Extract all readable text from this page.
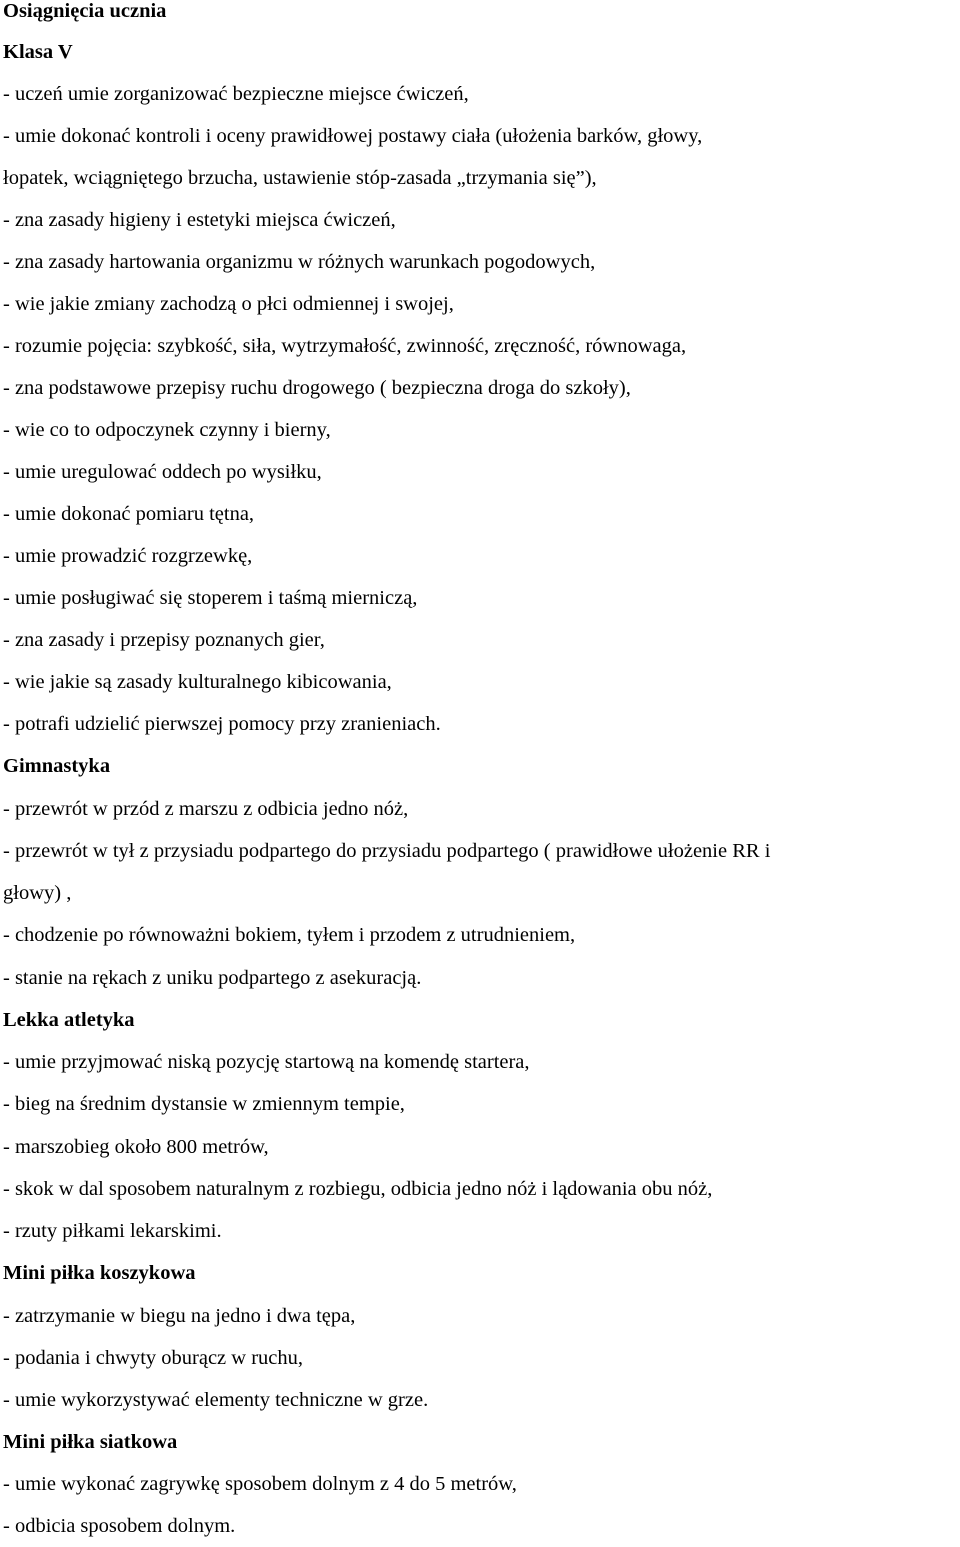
Osiągnięcia ucznia

Klasa V

- uczeń umie zorganizować bezpieczne miejsce ćwiczeń,

- umie dokonać kontroli i oceny prawidłowej postawy ciała (ułożenia barków, głowy,

łopatek, wciągniętego brzucha, ustawienie stóp-zasada „trzymania się”),

- zna zasady higieny i estetyki miejsca ćwiczeń,

- zna zasady hartowania organizmu w różnych warunkach pogodowych,

- wie jakie zmiany zachodzą o płci odmiennej i swojej,

- rozumie pojęcia: szybkość, siła, wytrzymałość, zwinność, zręczność, równowaga,

- zna podstawowe przepisy ruchu drogowego ( bezpieczna droga do szkoły),

- wie co to odpoczynek czynny i bierny,

- umie uregulować oddech po wysiłku,

- umie dokonać pomiaru tętna,

- umie prowadzić rozgrzewkę,

- umie posługiwać się stoperem i taśmą mierniczą,

- zna zasady i przepisy poznanych gier,

- wie jakie są zasady kulturalnego kibicowania,

- potrafi udzielić pierwszej pomocy przy zranieniach.

Gimnastyka

- przewrót w przód z marszu z odbicia jedno nóż,

- przewrót w tył z przysiadu podpartego do przysiadu podpartego ( prawidłowe ułożenie RR i

głowy) ,

- chodzenie po równoważni bokiem, tyłem i przodem z utrudnieniem,

- stanie na rękach z uniku podpartego z asekuracją.

Lekka atletyka

- umie przyjmować niską pozycję startową na komendę startera,

- bieg na średnim dystansie w zmiennym tempie,

- marszobieg około 800 metrów,

- skok w dal sposobem naturalnym z rozbiegu, odbicia jedno nóż i lądowania obu nóż,

- rzuty piłkami lekarskimi.

Mini piłka koszykowa

- zatrzymanie w biegu na jedno i dwa tępa,

- podania i chwyty oburącz w ruchu,

- umie wykorzystywać elementy techniczne w grze.

Mini piłka siatkowa

- umie wykonać zagrywkę sposobem dolnym z 4 do 5 metrów,

- odbicia sposobem dolnym.
